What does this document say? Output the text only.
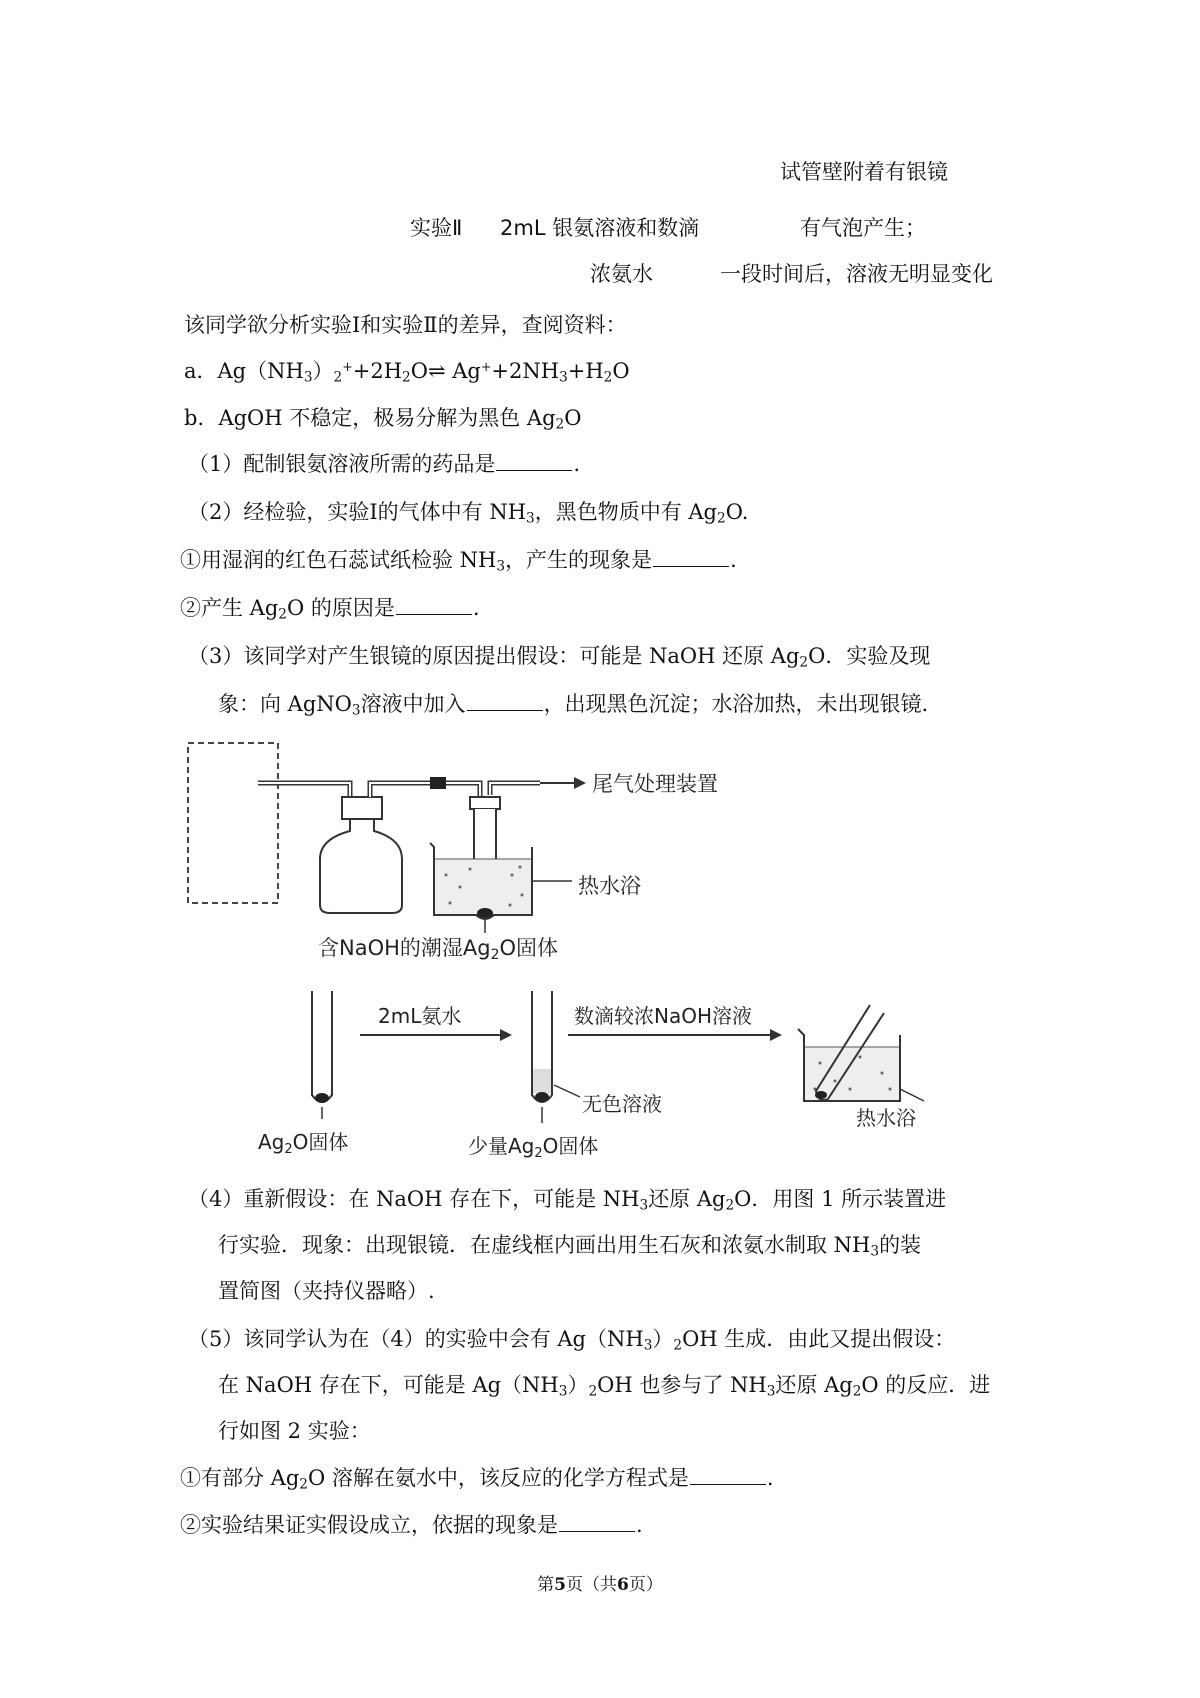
试管壁附着有银镜
实验Ⅱ 2mL 银氨溶液和数滴	有气泡产生；
浓氨水	一段时间后，溶液无明显变化
该同学欲分析实验Ⅰ和实验Ⅱ的差异，查阅资料：
a．$Ag(NH_3)_2^++2H_2O\rightleftharpoons$ $Ag^++2NH_3+H_2O$
b．AgOH 不稳定，极易分解为黑色 $Ag_2O$
（1）配制银氨溶液所需的药品是	.
（2）经检验，实验Ⅰ的气体中有 $NH_3$，黑色物质中有 $Ag_2O$.
①用湿润的红色石蕊试纸检验 $NH_3$，产生的现象是	.
②产生 $Ag_2O$ 的原因是	.
（3）该同学对产生银镜的原因提出假设：可能是 NaOH 还原 $Ag_2O$．实验及现
象：向 AgNO$_3$溶液中加入	，出现黑色沉淀；水浴加热，未出现银镜.
尾气处理装置
热水浴
含NaOH的潮湿Ag2O固体
$Ag_2O$固体
2mL氨水
无色溶液
少量$Ag_2O$固体
数滴较浓NaOH溶液
热水浴
（4）重新假设：在 NaOH 存在下，可能是 $NH_3$还原 $Ag_2O$．用图 1 所示装置进
行实验．现象：出现银镜．在虚线框内画出用生石灰和浓氨水制取 $NH_3$的装
置简图（夹持仪器略）.
（5）该同学认为在（4）的实验中会有 $Ag(NH_3)_2OH$ 生成．由此又提出假设：
在 NaOH 存在下，可能是 $Ag(NH_3)_2OH$ 也参与了 $NH_3$还原 $Ag_2O$ 的反应．进
行如图 2 实验：
①有部分 $Ag_2O$ 溶解在氨水中，该反应的化学方程式是	.
②实验结果证实假设成立，依据的现象是	.
第5页（共6页）
